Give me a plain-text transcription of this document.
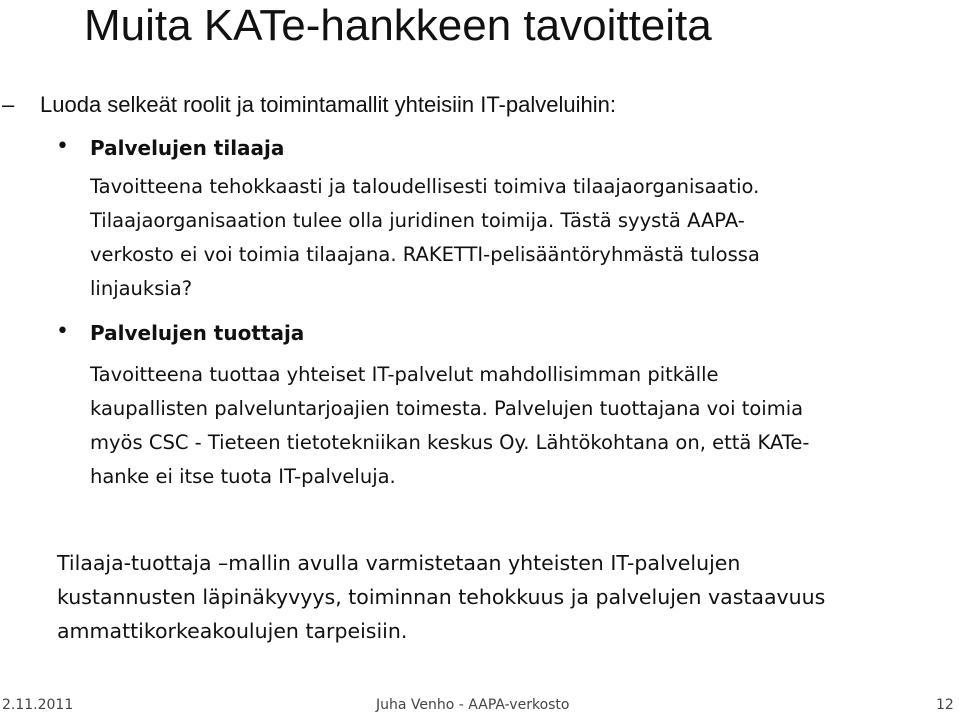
Muita KATe-hankkeen tavoitteita
– Luoda selkeät roolit ja toimintamallit yhteisiin IT-palveluihin:
• Palvelujen tilaaja
Tavoitteena tehokkaasti ja taloudellisesti toimiva tilaajaorganisaatio.
Tilaajaorganisaation tulee olla juridinen toimija. Tästä syystä AAPA-
verkosto ei voi toimia tilaajana. RAKETTI-pelisääntöryhmästä tulossa
linjauksia?
• Palvelujen tuottaja
Tavoitteena tuottaa yhteiset IT-palvelut mahdollisimman pitkälle
kaupallisten palveluntarjoajien toimesta. Palvelujen tuottajana voi toimia
myös CSC - Tieteen tietotekniikan keskus Oy. Lähtökohtana on, että KATe-
hanke ei itse tuota IT-palveluja.
Tilaaja-tuottaja –mallin avulla varmistetaan yhteisten IT-palvelujen
kustannusten läpinäkyvyys, toiminnan tehokkuus ja palvelujen vastaavuus
ammattikorkeakoulujen tarpeisiin.
2.11.2011	Juha Venho - AAPA-verkosto	12
